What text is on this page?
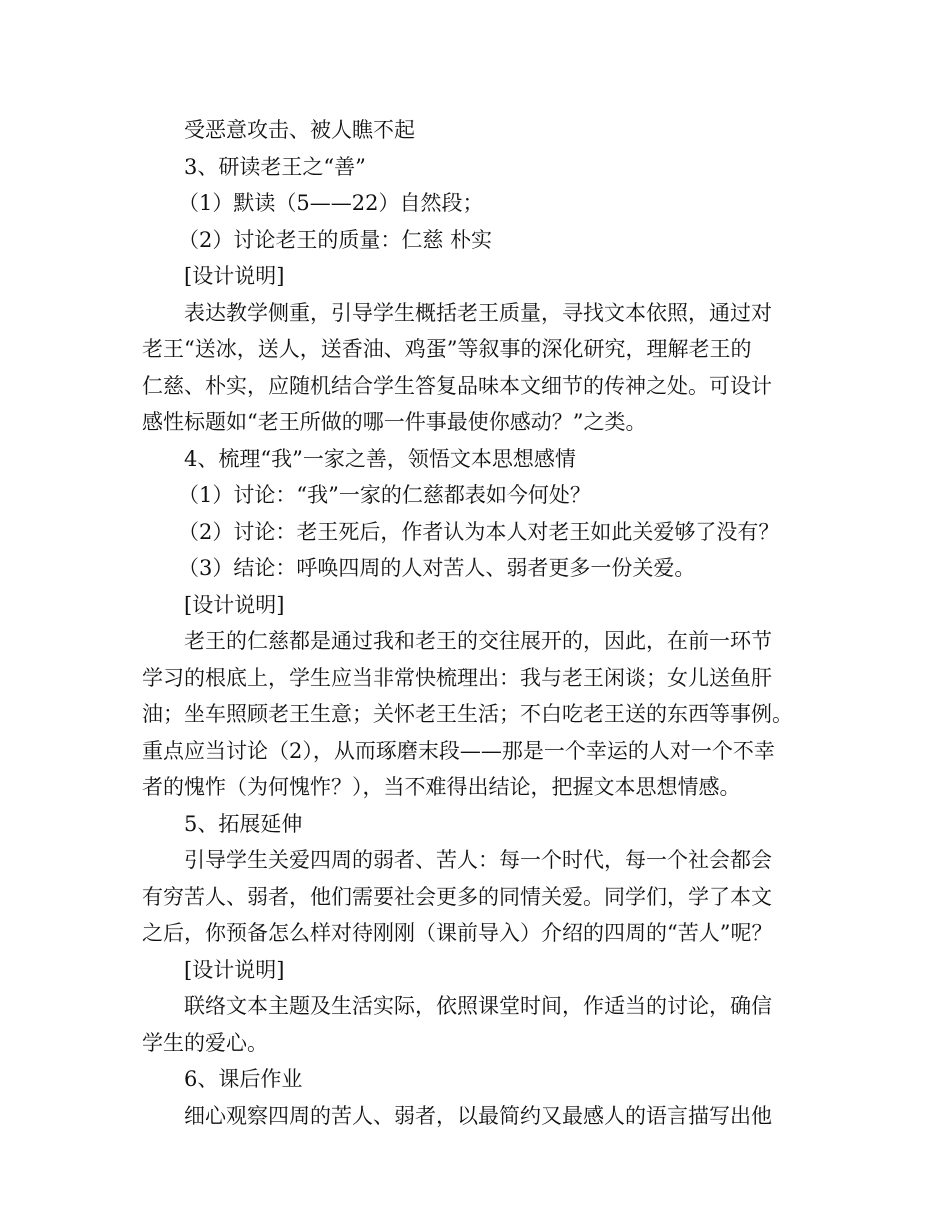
受恶意攻击、被人瞧不起

3、研读老王之“善”

（1）默读（5——22）自然段；

（2）讨论老王的质量：仁慈 朴实

[设计说明]

表达教学侧重，引导学生概括老王质量，寻找文本依照，通过对

老王“送冰，送人，送香油、鸡蛋”等叙事的深化研究，理解老王的

仁慈、朴实，应随机结合学生答复品味本文细节的传神之处。可设计

感性标题如“老王所做的哪一件事最使你感动？”之类。

4、梳理“我”一家之善，领悟文本思想感情

（1）讨论：“我”一家的仁慈都表如今何处？

（2）讨论：老王死后，作者认为本人对老王如此关爱够了没有？

（3）结论：呼唤四周的人对苦人、弱者更多一份关爱。

[设计说明]

老王的仁慈都是通过我和老王的交往展开的，因此，在前一环节

学习的根底上，学生应当非常快梳理出：我与老王闲谈；女儿送鱼肝

油；坐车照顾老王生意；关怀老王生活；不白吃老王送的东西等事例。

重点应当讨论（2），从而琢磨末段——那是一个幸运的人对一个不幸

者的愧怍（为何愧怍？），当不难得出结论，把握文本思想情感。

5、拓展延伸

引导学生关爱四周的弱者、苦人：每一个时代，每一个社会都会

有穷苦人、弱者，他们需要社会更多的同情关爱。同学们，学了本文

之后，你预备怎么样对待刚刚（课前导入）介绍的四周的“苦人”呢？

[设计说明]

联络文本主题及生活实际，依照课堂时间，作适当的讨论，确信

学生的爱心。

6、课后作业

细心观察四周的苦人、弱者，以最简约又最感人的语言描写出他
